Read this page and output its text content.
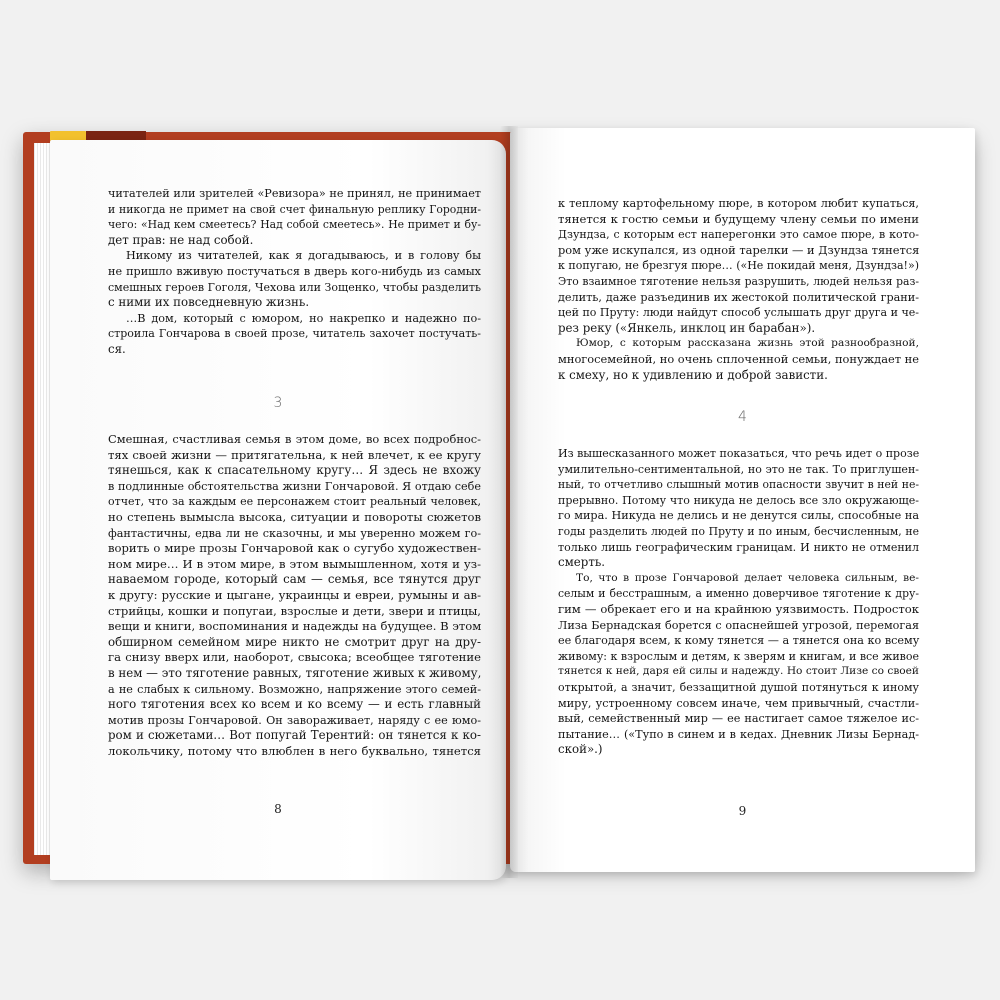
читателей или зрителей «Ревизора» не принял, не принимает
и никогда не примет на свой счет финальную реплику Городни-
чего: «Над кем смеетесь? Над собой смеетесь». Не примет и бу-
дет прав: не над собой.
Никому из читателей, как я догадываюсь, и в голову бы
не пришло вживую постучаться в дверь кого-нибудь из самых
смешных героев Гоголя, Чехова или Зощенко, чтобы разделить
с ними их повседневную жизнь.
…В дом, который с юмором, но накрепко и надежно по-
строила Гончарова в своей прозе, читатель захочет постучать-
ся.
3
Смешная, счастливая семья в этом доме, во всех подробнос-
тях своей жизни — притягательна, к ней влечет, к ее кругу
тянешься, как к спасательному кругу… Я здесь не вхожу
в подлинные обстоятельства жизни Гончаровой. Я отдаю себе
отчет, что за каждым ее персонажем стоит реальный человек,
но степень вымысла высока, ситуации и повороты сюжетов
фантастичны, едва ли не сказочны, и мы уверенно можем го-
ворить о мире прозы Гончаровой как о сугубо художествен-
ном мире… И в этом мире, в этом вымышленном, хотя и уз-
наваемом городе, который сам — семья, все тянутся друг
к другу: русские и цыгане, украинцы и евреи, румыны и ав-
стрийцы, кошки и попугаи, взрослые и дети, звери и птицы,
вещи и книги, воспоминания и надежды на будущее. В этом
обширном семейном мире никто не смотрит друг на дру-
га снизу вверх или, наоборот, свысока; всеобщее тяготение
в нем — это тяготение равных, тяготение живых к живому,
а не слабых к сильному. Возможно, напряжение этого семей-
ного тяготения всех ко всем и ко всему — и есть главный
мотив прозы Гончаровой. Он завораживает, наряду с ее юмо-
ром и сюжетами… Вот попугай Терентий: он тянется к ко-
локольчику, потому что влюблен в него буквально, тянется
8
к теплому картофельному пюре, в котором любит купаться,
тянется к гостю семьи и будущему члену семьи по имени
Дзундза, с которым ест наперегонки это самое пюре, в кото-
ром уже искупался, из одной тарелки — и Дзундза тянется
к попугаю, не брезгуя пюре… («Не покидай меня, Дзундза!»)
Это взаимное тяготение нельзя разрушить, людей нельзя раз-
делить, даже разъединив их жестокой политической грани-
цей по Пруту: люди найдут способ услышать друг друга и че-
рез реку («Янкель, инклоц ин барабан»).
Юмор, с которым рассказана жизнь этой разнообразной,
многосемейной, но очень сплоченной семьи, понуждает не
к смеху, но к удивлению и доброй зависти.
4
Из вышесказанного может показаться, что речь идет о прозе
умилительно-сентиментальной, но это не так. То приглушен-
ный, то отчетливо слышный мотив опасности звучит в ней не-
прерывно. Потому что никуда не делось все зло окружающе-
го мира. Никуда не делись и не денутся силы, способные на
годы разделить людей по Пруту и по иным, бесчисленным, не
только лишь географическим границам. И никто не отменил
смерть.
То, что в прозе Гончаровой делает человека сильным, ве-
селым и бесстрашным, а именно доверчивое тяготение к дру-
гим — обрекает его и на крайнюю уязвимость. Подросток
Лиза Бернадская борется с опаснейшей угрозой, перемогая
ее благодаря всем, к кому тянется — а тянется она ко всему
живому: к взрослым и детям, к зверям и книгам, и все живое
тянется к ней, даря ей силы и надежду. Но стоит Лизе со своей
открытой, а значит, беззащитной душой потянуться к иному
миру, устроенному совсем иначе, чем привычный, счастли-
вый, семейственный мир — ее настигает самое тяжелое ис-
пытание… («Тупо в синем и в кедах. Дневник Лизы Бернад-
ской».)
9
